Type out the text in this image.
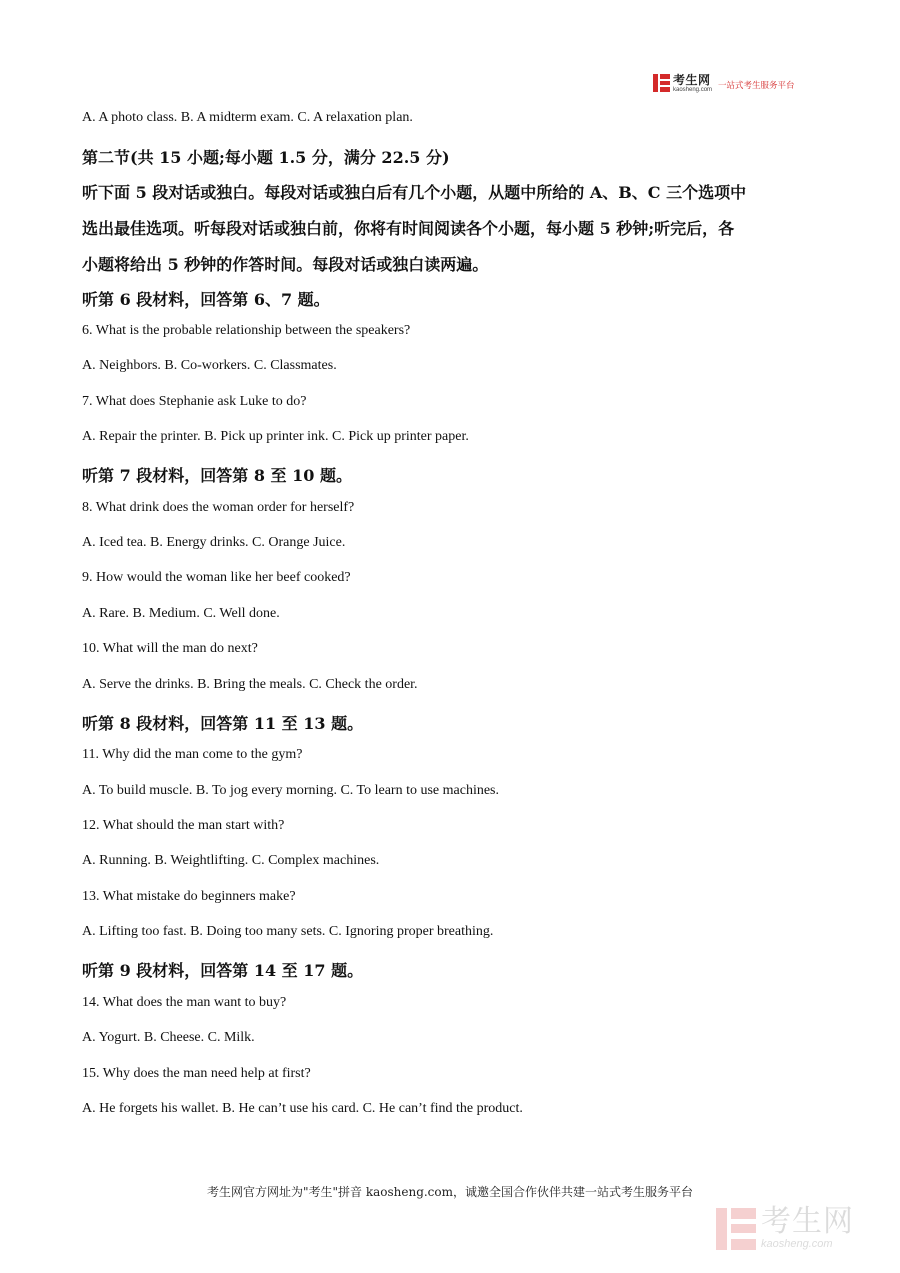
考生网
kaosheng.com 一站式考生服务平台
A. A photo class. B. A midterm exam. C. A relaxation plan.
第二节(共 15 小题;每小题 1.5 分，满分 22.5 分)
听下面 5 段对话或独白。每段对话或独白后有几个小题，从题中所给的 A、B、C 三个选项中
选出最佳选项。听每段对话或独白前，你将有时间阅读各个小题，每小题 5 秒钟;听完后，各
小题将给出 5 秒钟的作答时间。每段对话或独白读两遍。
听第 6 段材料，回答第 6、7 题。
6. What is the probable relationship between the speakers?
A. Neighbors. B. Co-workers. C. Classmates.
7. What does Stephanie ask Luke to do?
A. Repair the printer. B. Pick up printer ink. C. Pick up printer paper.
听第 7 段材料，回答第 8 至 10 题。
8. What drink does the woman order for herself?
A. Iced tea. B. Energy drinks. C. Orange Juice.
9. How would the woman like her beef cooked?
A. Rare. B. Medium. C. Well done.
10. What will the man do next?
A. Serve the drinks. B. Bring the meals. C. Check the order.
听第 8 段材料，回答第 11 至 13 题。
11. Why did the man come to the gym?
A. To build muscle. B. To jog every morning. C. To learn to use machines.
12. What should the man start with?
A. Running. B. Weightlifting. C. Complex machines.
13. What mistake do beginners make?
A. Lifting too fast. B. Doing too many sets. C. Ignoring proper breathing.
听第 9 段材料，回答第 14 至 17 题。
14. What does the man want to buy?
A. Yogurt. B. Cheese. C. Milk.
15. Why does the man need help at first?
A. He forgets his wallet. B. He can’t use his card. C. He can’t find the product.
考生网官方网址为"考生"拼音 kaosheng.com，诚邀全国合作伙伴共建一站式考生服务平台
考生网
kaosheng.com
